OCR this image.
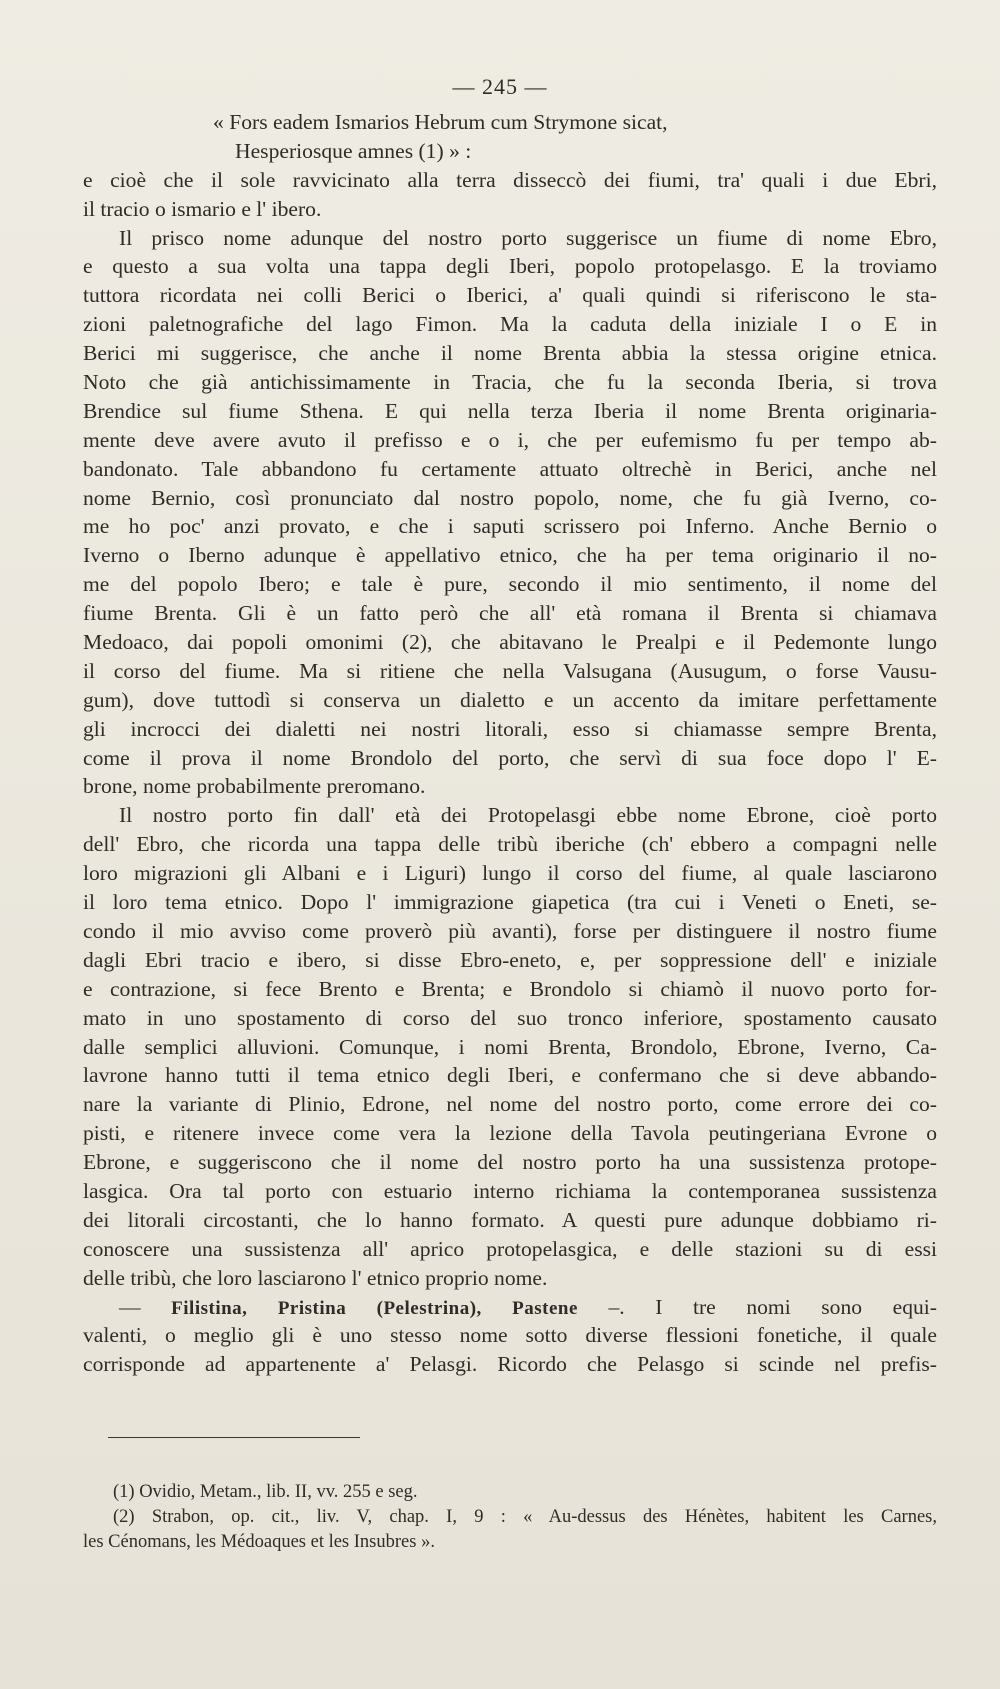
— 245 —
« Fors eadem Ismarios Hebrum cum Strymone sicat,
Hesperiosque amnes (1) » :
e cioè che il sole ravvicinato alla terra disseccò dei fiumi, tra' quali i due Ebri,
il tracio o ismario e l' ibero.
Il prisco nome adunque del nostro porto suggerisce un fiume di nome Ebro,
e questo a sua volta una tappa degli Iberi, popolo protopelasgo. E la troviamo
tuttora ricordata nei colli Berici o Iberici, a' quali quindi si riferiscono le sta-
zioni paletnografiche del lago Fimon. Ma la caduta della iniziale I o E in
Berici mi suggerisce, che anche il nome Brenta abbia la stessa origine etnica.
Noto che già antichissimamente in Tracia, che fu la seconda Iberia, si trova
Brendice sul fiume Sthena. E qui nella terza Iberia il nome Brenta originaria-
mente deve avere avuto il prefisso e o i, che per eufemismo fu per tempo ab-
bandonato. Tale abbandono fu certamente attuato oltrechè in Berici, anche nel
nome Bernio, così pronunciato dal nostro popolo, nome, che fu già Iverno, co-
me ho poc' anzi provato, e che i saputi scrissero poi Inferno. Anche Bernio o
Iverno o Iberno adunque è appellativo etnico, che ha per tema originario il no-
me del popolo Ibero; e tale è pure, secondo il mio sentimento, il nome del
fiume Brenta. Gli è un fatto però che all' età romana il Brenta si chiamava
Medoaco, dai popoli omonimi (2), che abitavano le Prealpi e il Pedemonte lungo
il corso del fiume. Ma si ritiene che nella Valsugana (Ausugum, o forse Vausu-
gum), dove tuttodì si conserva un dialetto e un accento da imitare perfettamente
gli incrocci dei dialetti nei nostri litorali, esso si chiamasse sempre Brenta,
come il prova il nome Brondolo del porto, che servì di sua foce dopo l' E-
brone, nome probabilmente preromano.
Il nostro porto fin dall' età dei Protopelasgi ebbe nome Ebrone, cioè porto
dell' Ebro, che ricorda una tappa delle tribù iberiche (ch' ebbero a compagni nelle
loro migrazioni gli Albani e i Liguri) lungo il corso del fiume, al quale lasciarono
il loro tema etnico. Dopo l' immigrazione giapetica (tra cui i Veneti o Eneti, se-
condo il mio avviso come proverò più avanti), forse per distinguere il nostro fiume
dagli Ebri tracio e ibero, si disse Ebro-eneto, e, per soppressione dell' e iniziale
e contrazione, si fece Brento e Brenta; e Brondolo si chiamò il nuovo porto for-
mato in uno spostamento di corso del suo tronco inferiore, spostamento causato
dalle semplici alluvioni. Comunque, i nomi Brenta, Brondolo, Ebrone, Iverno, Ca-
lavrone hanno tutti il tema etnico degli Iberi, e confermano che si deve abbando-
nare la variante di Plinio, Edrone, nel nome del nostro porto, come errore dei co-
pisti, e ritenere invece come vera la lezione della Tavola peutingeriana Evrone o
Ebrone, e suggeriscono che il nome del nostro porto ha una sussistenza protope-
lasgica. Ora tal porto con estuario interno richiama la contemporanea sussistenza
dei litorali circostanti, che lo hanno formato. A questi pure adunque dobbiamo ri-
conoscere una sussistenza all' aprico protopelasgica, e delle stazioni su di essi
delle tribù, che loro lasciarono l' etnico proprio nome.
— Filistina, Pristina (Pelestrina), Pastene –. I tre nomi sono equi-
valenti, o meglio gli è uno stesso nome sotto diverse flessioni fonetiche, il quale
corrisponde ad appartenente a' Pelasgi. Ricordo che Pelasgo si scinde nel prefis-
(1) Ovidio, Metam., lib. II, vv. 255 e seg.
(2) Strabon, op. cit., liv. V, chap. I, 9 : « Au-dessus des Hénètes, habitent les Carnes,
les Cénomans, les Médoaques et les Insubres ».
